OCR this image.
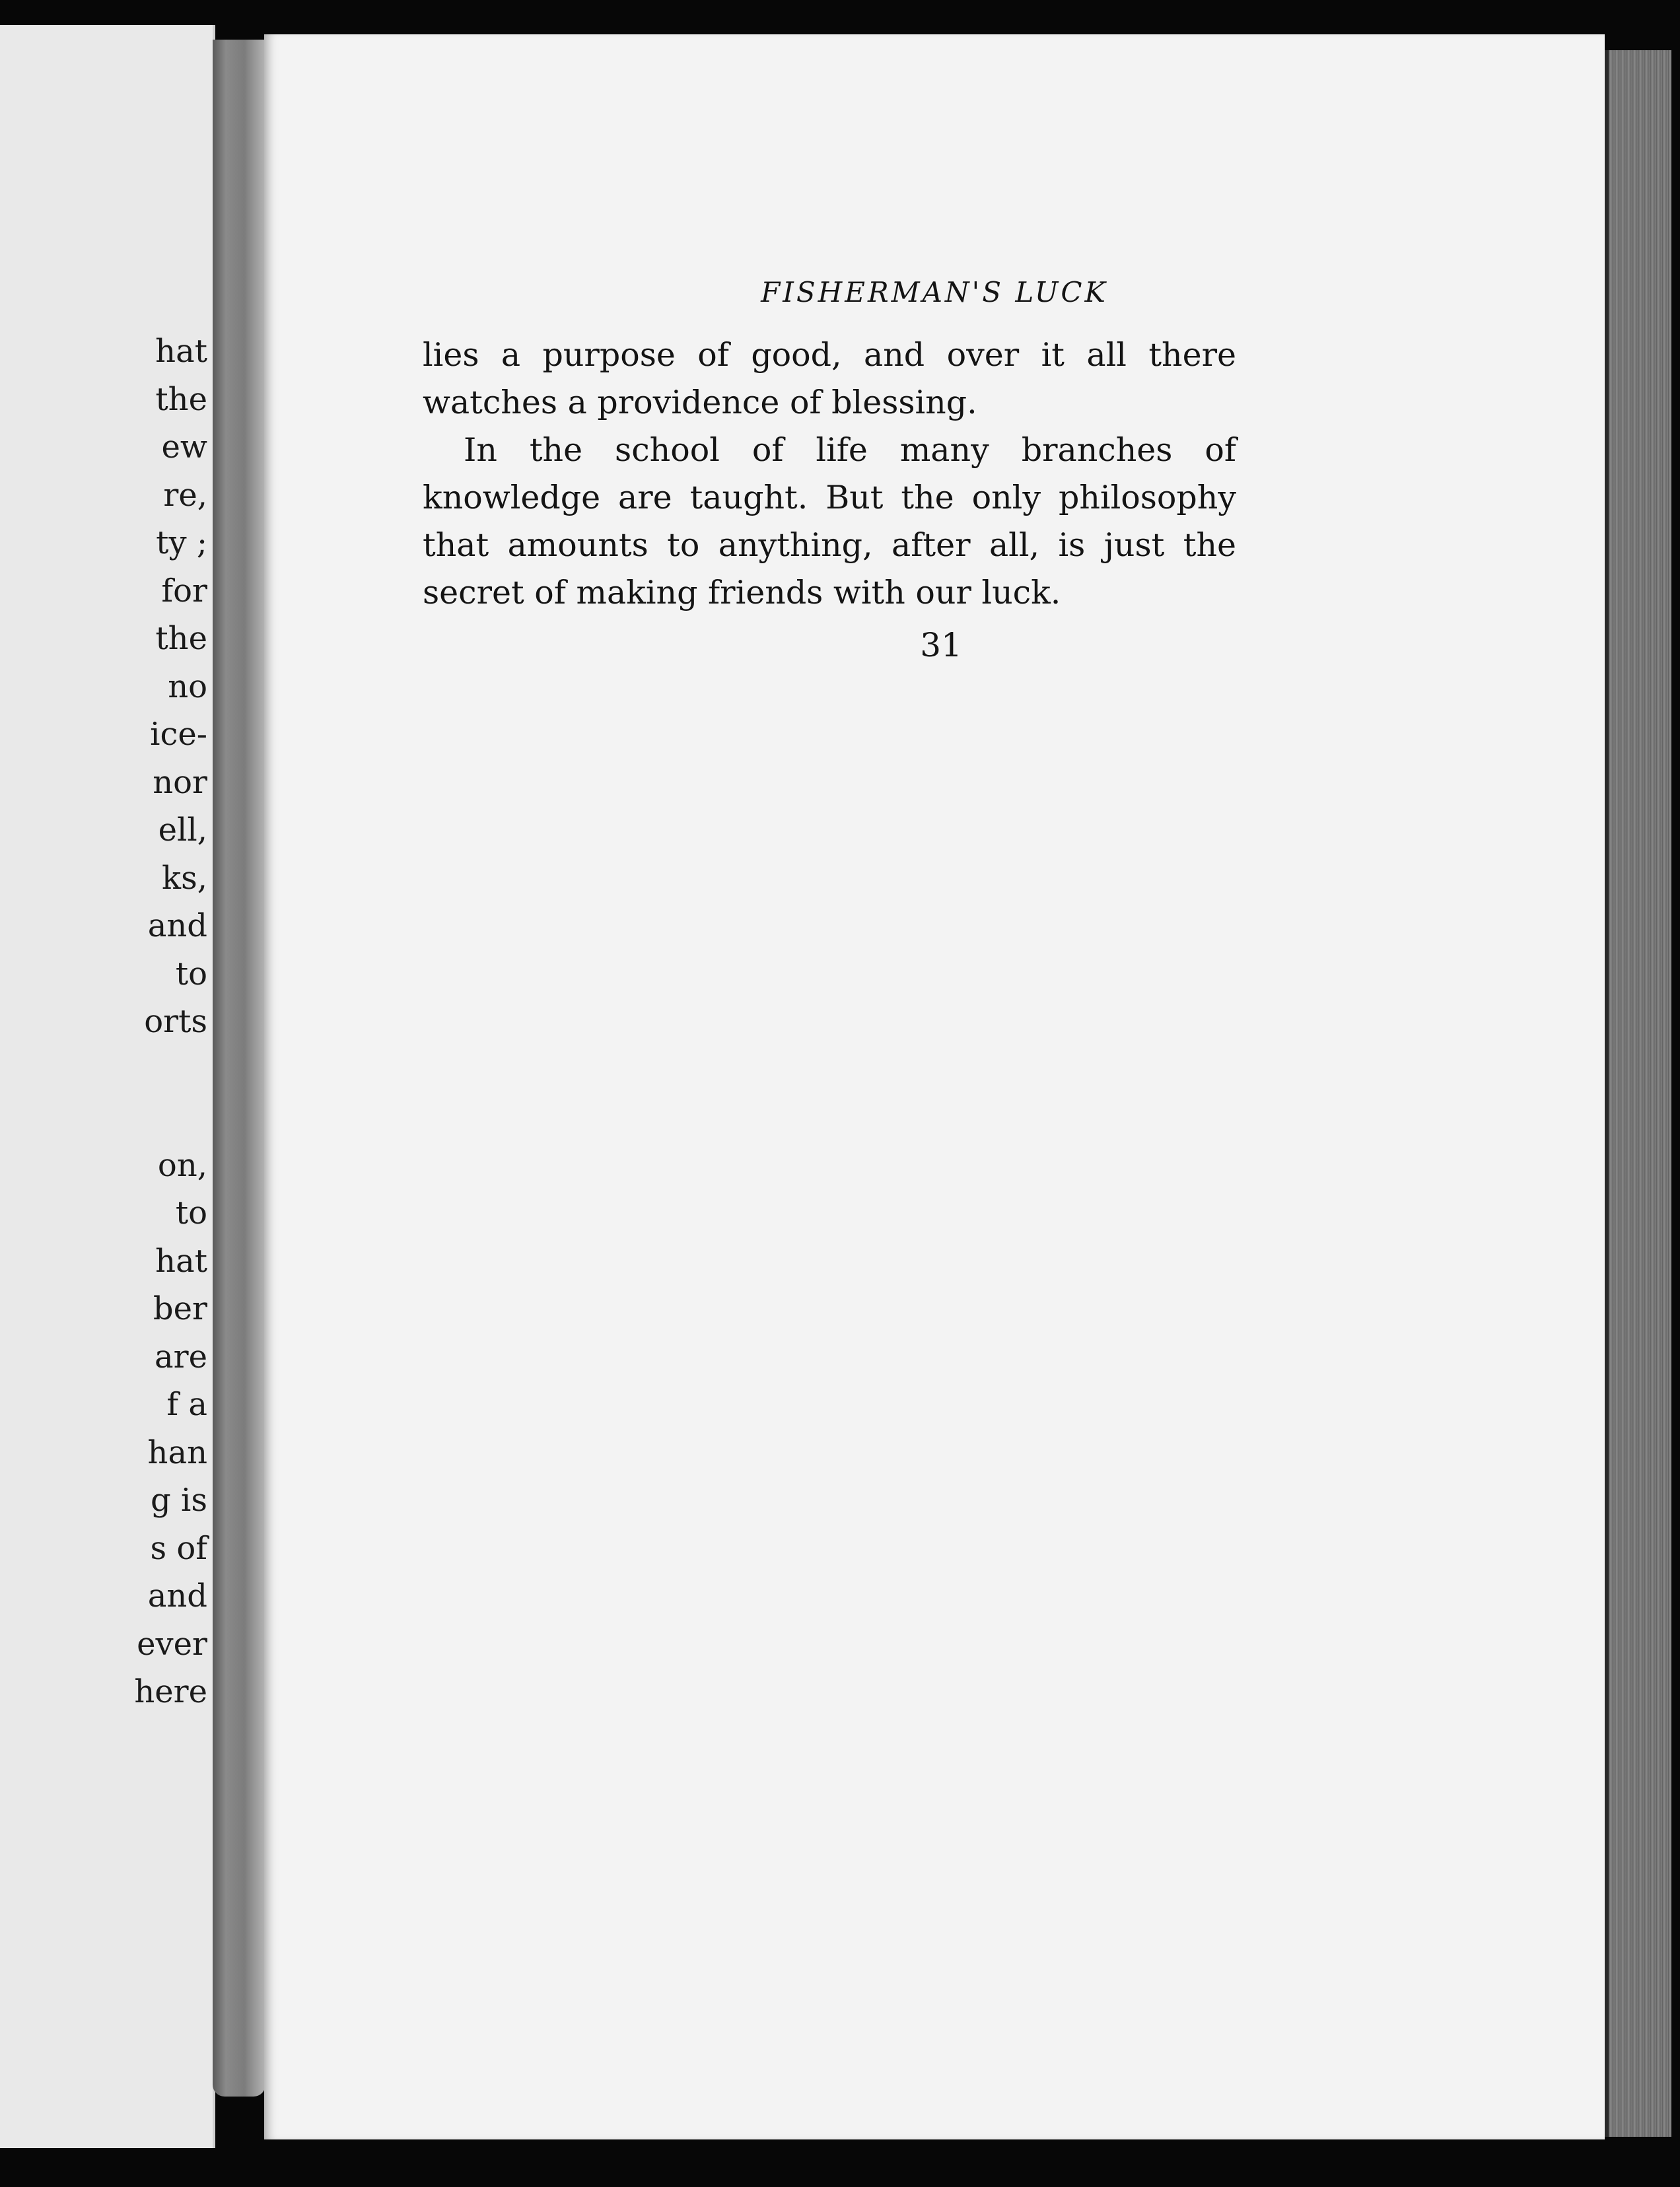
hat
the
ew
re,
ty ;
for
the
no
ice-
nor
ell,
ks,
and
to
orts
on,
to
hat
ber
are
f a
han
g is
s of
and
ever
here
FISHERMAN'S LUCK

lies a purpose of good, and over it all there watches a providence of blessing.

In the school of life many branches of knowledge are taught. But the only philosophy that amounts to anything, after all, is just the secret of making friends with our luck.

31
